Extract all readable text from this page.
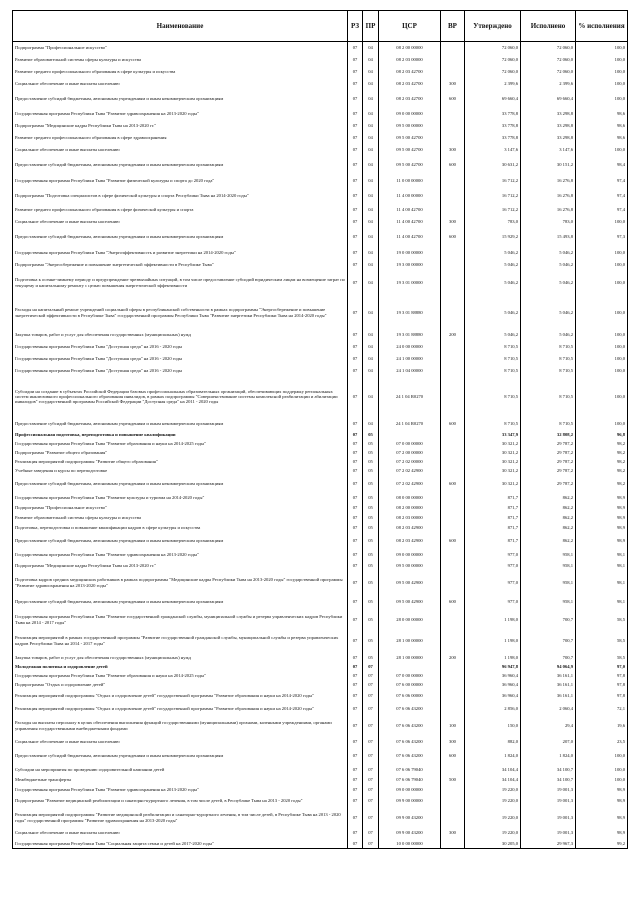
Наименование	РЗ	ПР	ЦСР	ВР	Утверждено	Исполнено	% исполнения
Подпрограмма "Профессиональное искусство"	07	04	08 2 00 00000		72 060,0	72 060,0	100,0
Развитие образовательной системы сферы культуры и искусства	07	04	08 2 03 00000		72 060,0	72 060,0	100,0
Развитие среднего профессионального образования в сфере культуры и искусства	07	04	08 2 03 42700		72 060,0	72 060,0	100,0
Социальное обеспечение и иные выплаты населению	07	04	08 2 03 42700	300	2 399,6	2 399,6	100,0
Предоставление субсидий бюджетным, автономным учреждениям и иным некоммерческим организациям	07	04	08 2 03 42700	600	69 660,4	69 660,4	100,0
Государственная программа Республики Тыва "Развитие здравоохранения на 2013-2020 годы"	07	04	09 0 00 00000		33 778,8	33 298,8	98,6
Подпрограмма "Медицинские кадры Республики Тыва на 2013-2020 гг."	07	04	09 5 00 00000		33 778,8	33 298,8	98,6
Развитие среднего профессионального образования в сфере здравоохранения	07	04	09 5 00 42700		33 778,8	33 298,8	98,6
Социальное обеспечение и иные выплаты населению	07	04	09 5 00 42700	300	3 147,6	3 147,6	100,0
Предоставление субсидий бюджетным, автономным учреждениям и иным некоммерческим организациям	07	04	09 5 00 42700	600	30 631,2	30 151,2	98,4
Государственная программа Республики Тыва "Развитие физической культуры и спорта до 2020 года"	07	04	11 0 00 00000		16 712,2	16 276,8	97,4
Подпрограмма "Подготовка специалистов в сфере физической культуры и спорта Республики Тыва на 2014-2020 годы"	07	04	11 4 00 00000		16 712,2	16 276,8	97,4
Развитие среднего профессионального образования в сфере физической культуры и спорта	07	04	11 4 00 42700		16 712,2	16 276,8	97,4
Социальное обеспечение и иные выплаты населению	07	04	11 4 00 42700	300	783,0	783,0	100,0
Предоставление субсидий бюджетным, автономным учреждениям и иным некоммерческим организациям	07	04	11 4 00 42700	600	15 929,2	15 493,8	97,3
Государственная программа Республики Тыва "Энергоэффективность и развитие энергетики на 2014-2020 годы"	07	04	19 0 00 00000		5 046,2	5 046,2	100,0
Подпрограмма "Энергосбережение и повышение энергетической эффективности в Республике Тыва"	07	04	19 3 00 00000		5 046,2	5 046,2	100,0
Подготовка к осенне-зимнему периоду и предупреждение чрезвычайных ситуаций, в том числе предоставление субсидий юридическим лицам на возмещение затрат по текущему и капитальному ремонту с целью повышения энергетической эффективности	07	04	19 3 01 00000		5 046,2	5 046,2	100,0
Расходы на капитальный ремонт учреждений социальной сферы в республиканской собственности в рамках подпрограммы "Энергосбережение и повышение энергетической эффективности в Республике Тыва" государственной программы Республики Тыва "Развитие энергетики Республики Тыва на 2014-2020 годы"	07	04	19 3 01 88880		5 046,2	5 046,2	100,0
Закупка товаров, работ и услуг для обеспечения государственных (муниципальных) нужд	07	04	19 3 01 88880	200	5 046,2	5 046,2	100,0
Государственная программа Республики Тыва "Доступная среда" на 2016 - 2020 годы	07	04	24 0 00 00000		8 710,5	8 710,5	100,0
Государственная программа Республики Тыва "Доступная среда" на 2016 - 2020 годы	07	04	24 1 00 00000		8 710,5	8 710,5	100,0
Государственная программа Республики Тыва "Доступная среда" на 2016 - 2020 годы	07	04	24 1 04 00000		8 710,5	8 710,5	100,0
Субсидии на создание в субъектах Российской Федерации базовых профессиональных образовательных организаций, обеспечивающих поддержку региональных систем инклюзивного профессионального образования инвалидов, в рамках подпрограммы "Совершенствование системы комплексной реабилитации и абилитации инвалидов" государственной программы Российской Федерации "Доступная среда" на 2011 - 2020 годы	07	04	24 1 04 R0270		8 710,5	8 710,5	100,0
Предоставление субсидий бюджетным, автономным учреждениям и иным некоммерческим организациям	07	04	24 1 04 R0270	600	8 710,5	8 710,5	100,0
Профессиональная подготовка, переподготовка и повышение квалификации	07	05			33 347,9	32 808,2	96,8
Государственная программа Республики Тыва "Развитие образования и науки на 2014-2025 годы"	07	05	07 0 00 00000		30 321,2	29 787,2	98,2
Подпрограмма "Развитие общего образования"	07	05	07 2 00 00000		30 321,2	29 787,2	98,2
Реализация мероприятий подпрограммы "Развитие общего образования"	07	05	07 2 02 00000		30 321,2	29 787,2	98,2
Учебные заведения и курсы по переподготовке	07	05	07 2 02 42900		30 321,2	29 787,2	98,2
Предоставление субсидий бюджетным, автономным учреждениям и иным некоммерческим организациям	07	05	07 2 02 42900	600	30 321,2	29 787,2	98,2
Государственная программа Республики Тыва "Развитие культуры и туризма на 2014-2020 годы"	07	05	08 0 00 00000		871,7	862,2	98,9
Подпрограмма "Профессиональное искусство"	07	05	08 2 00 00000		871,7	862,2	98,9
Развитие образовательной системы сферы культуры и искусства	07	05	08 2 03 00000		871,7	862,2	98,9
Подготовка, переподготовка и повышение квалификации кадров в сфере культуры и искусства	07	05	08 2 03 42900		871,7	862,2	98,9
Предоставление субсидий бюджетным, автономным учреждениям и иным некоммерческим организациям	07	05	08 2 03 42900	600	871,7	862,2	98,9
Государственная программа Республики Тыва "Развитие здравоохранения на 2013-2020 годы"	07	05	09 0 00 00000		977,0	958,1	98,1
Подпрограмма "Медицинские кадры Республики Тыва на 2013-2020 гг."	07	05	09 5 00 00000		977,0	958,1	98,1
Подготовка кадров средних медицинских работников в рамках подпрограммы "Медицинские кадры Республики Тыва на 2013-2020 годы" государственной программы "Развитие здравоохранения на 2013-2020 годы"	07	05	09 5 00 42900		977,0	958,1	98,1
Предоставление субсидий бюджетным, автономным учреждениям и иным некоммерческим организациям	07	05	09 5 00 42900	600	977,0	958,1	98,1
Государственная программа Республики Тыва "Развитие государственной гражданской службы, муниципальной службы и резерва управленческих кадров Республики Тыва на 2014 - 2017 годы"	07	05	28 0 00 00000		1 198,0	700,7	58,5
Реализация мероприятий в рамках государственной программы "Развитие государственной гражданской службы, муниципальной службы и резерва управленческих кадров Республики Тыва на 2014 - 2017 годы"	07	05	28 1 00 00000		1 198,0	700,7	58,5
Закупка товаров, работ и услуг для обеспечения государственных (муниципальных) нужд	07	05	28 1 00 00000	200	1 198,0	700,7	58,5
Молодежная политика и оздоровление детей	07	07			96 947,8	94 064,9	97,0
Государственная программа Республики Тыва "Развитие образования и науки на 2014-2025 годы"	07	07	07 0 00 00000		36 960,4	36 161,1	97,8
Подпрограмма "Отдых и оздоровление детей"	07	07	07 6 00 00000		36 960,4	36 161,1	97,8
Реализация мероприятий подпрограммы "Отдых и оздоровление детей" государственной программы "Развитие образования и науки на 2014-2020 годы"	07	07	07 6 06 00000		36 960,4	36 161,1	97,8
Реализация мероприятий подпрограммы "Отдых и оздоровление детей" государственной программы "Развитие образования и науки на 2014-2020 годы"	07	07	07 6 06 43200		2 856,0	2 060,4	72,1
Расходы на выплаты персоналу в целях обеспечения выполнения функций государственными (муниципальными) органами, казенными учреждениями, органами управления государственными внебюджетными фондами	07	07	07 6 06 43200	100	150,0	29,4	19,6
Социальное обеспечение и иные выплаты населению	07	07	07 6 06 43200	300	882,0	207,0	23,5
Предоставление субсидий бюджетным, автономным учреждениям и иным некоммерческим организациям	07	07	07 6 06 43200	600	1 824,0	1 824,0	100,0
Субсидии на мероприятия по проведению оздоровительной кампании детей	07	07	07 6 06 79040		34 104,4	34 100,7	100,0
Межбюджетные трансферты	07	07	07 6 06 79040	500	34 104,4	34 100,7	100,0
Государственная программа Республики Тыва "Развитие здравоохранения на 2013-2020 годы"	07	07	09 0 00 00000		19 220,0	19 001,3	98,9
Подпрограмма "Развитие медицинской реабилитации и санаторно-курортного лечения, в том числе детей, в Республике Тыва на 2013 - 2020 годы"	07	07	09 9 00 00000		19 220,0	19 001,3	98,9
Реализация мероприятий подпрограммы "Развитие медицинской реабилитации и санаторно-курортного лечения, в том числе детей, в Республике Тыва на 2013 - 2020 годы" государственной программы "Развитие здравоохранения на 2013-2020 годы"	07	07	09 9 00 43200		19 220,0	19 001,3	98,9
Социальное обеспечение и иные выплаты населению	07	07	09 9 00 43200	300	19 220,0	19 001,3	98,9
Государственная программа Республики Тыва "Социальная защита семьи и детей на 2017-2020 годы"	07	07	10 0 00 00000		30 205,0	29 967,3	99,2
